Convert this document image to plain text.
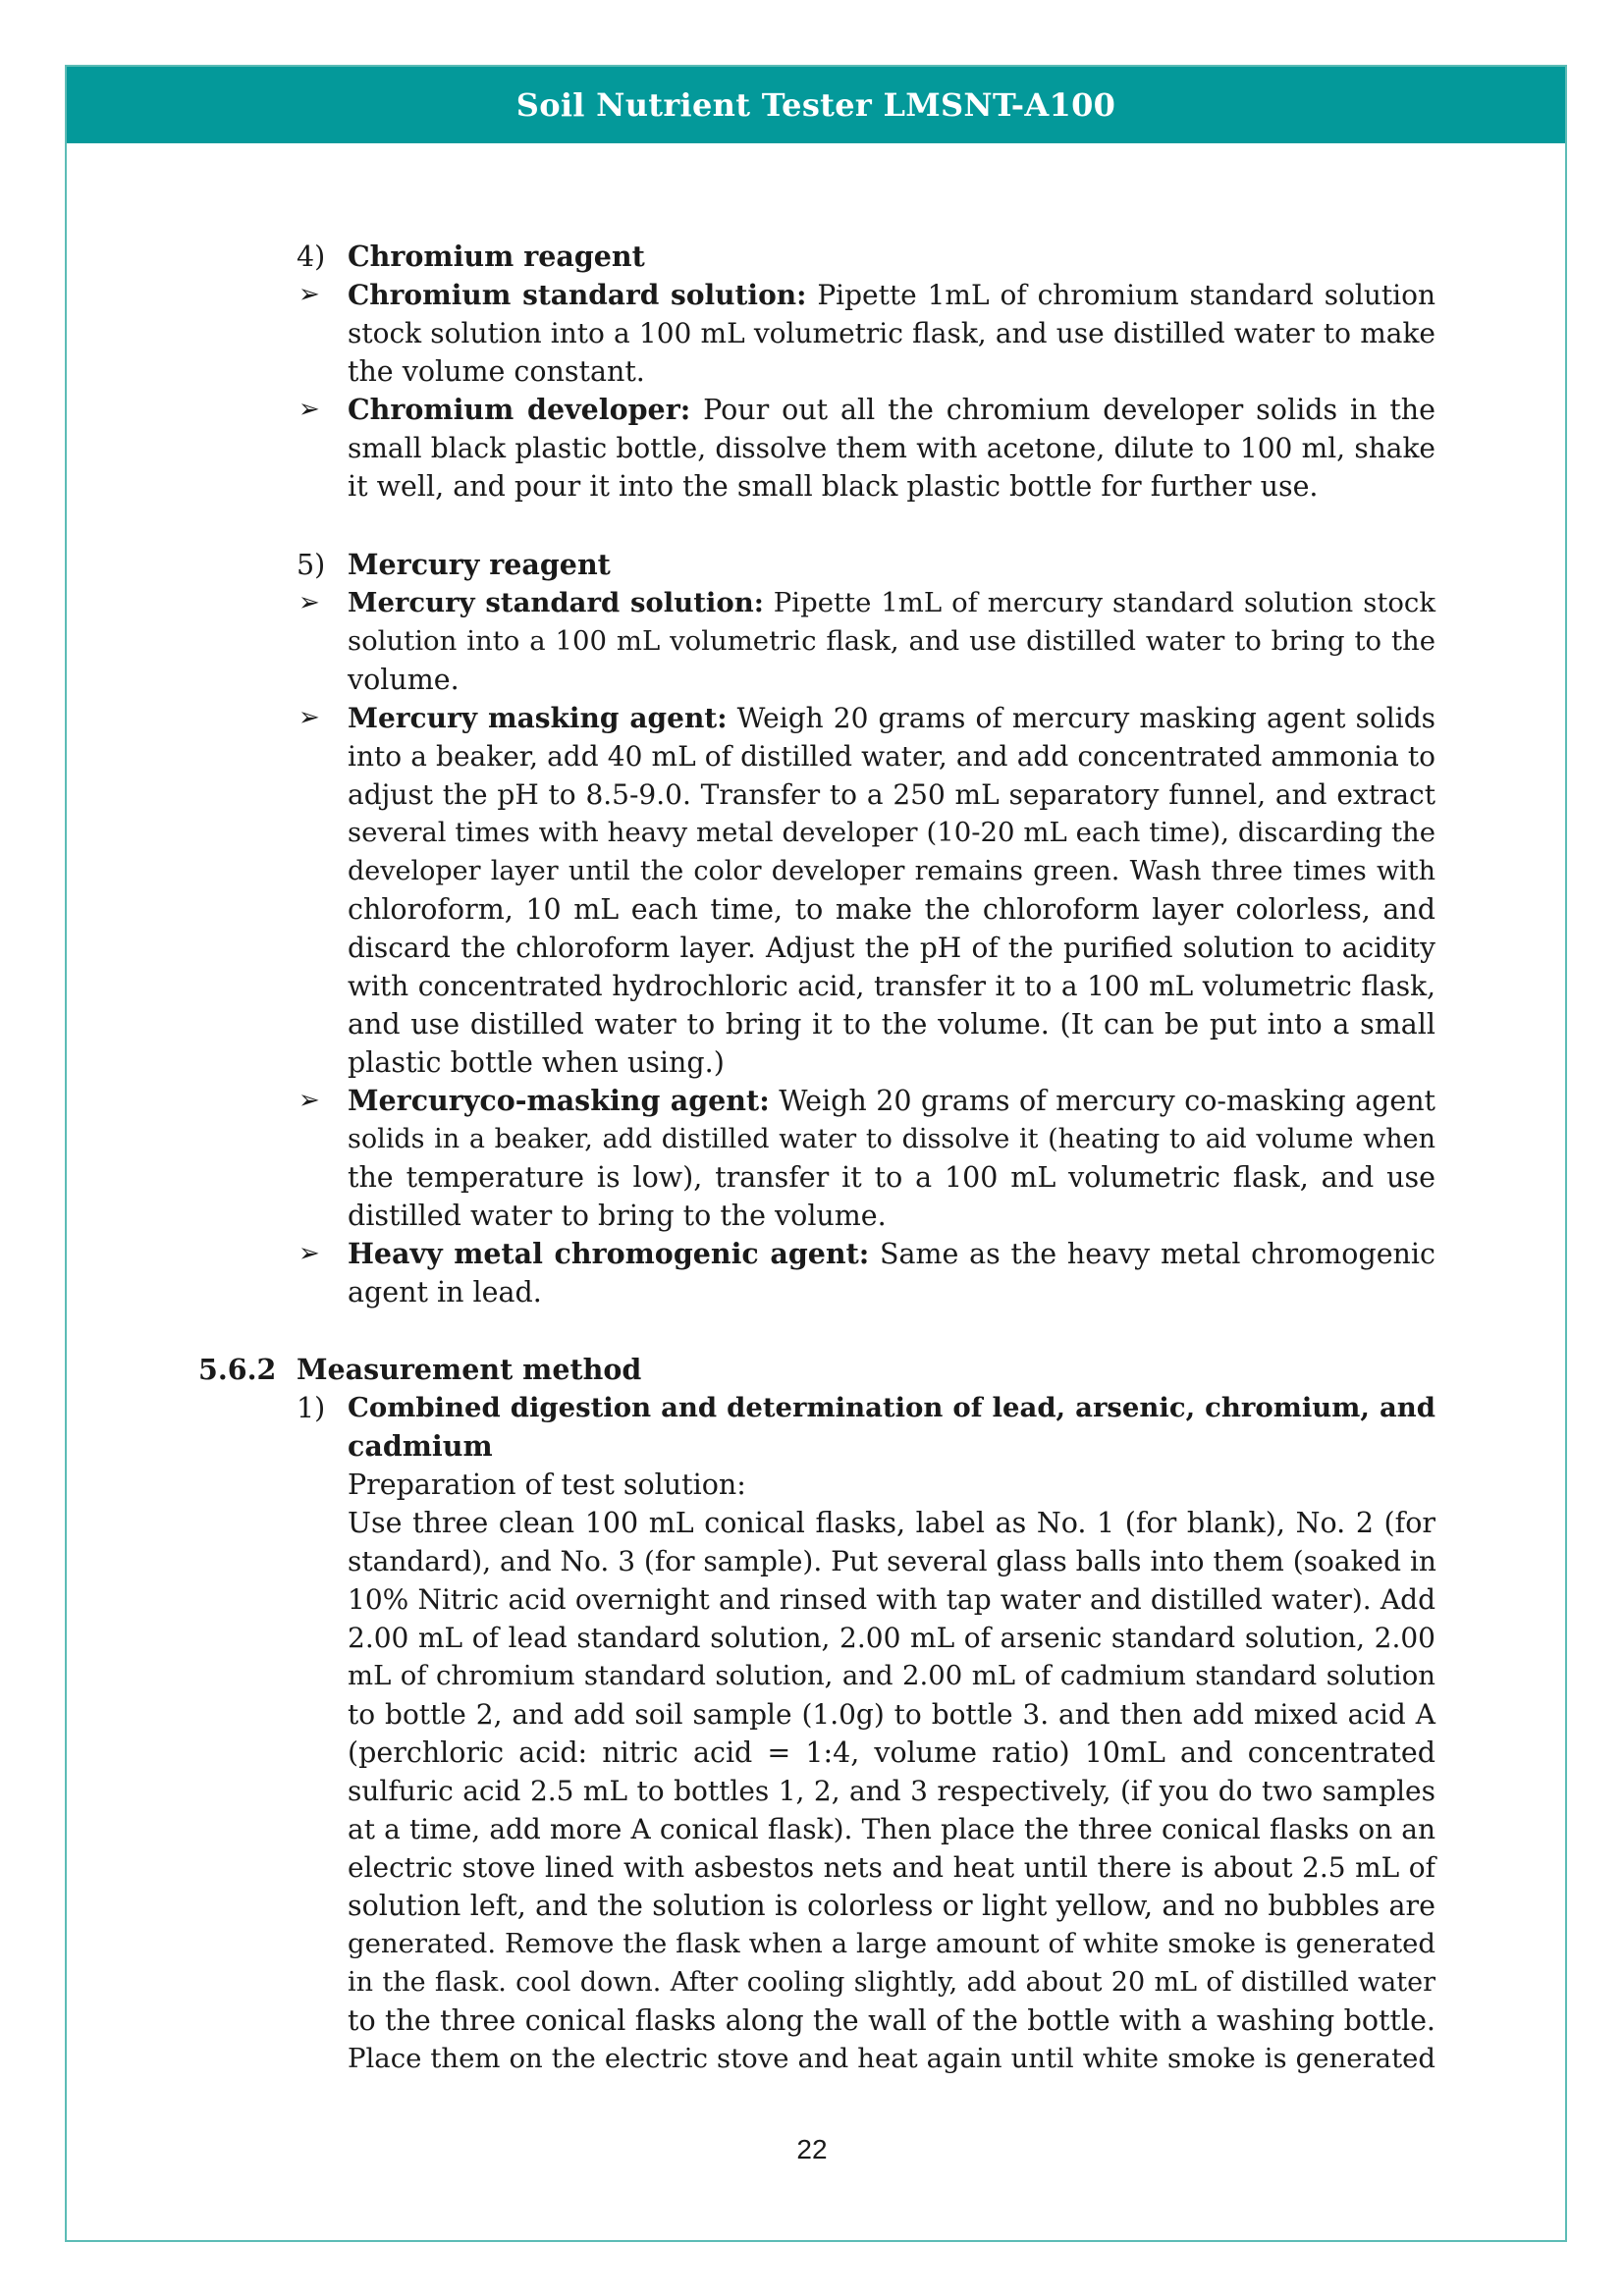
Soil Nutrient Tester LMSNT-A100
4) Chromium reagent
➢ Chromium standard solution: Pipette 1mL of chromium standard solution
stock solution into a 100 mL volumetric flask, and use distilled water to make
the volume constant.
➢ Chromium developer: Pour out all the chromium developer solids in the
small black plastic bottle, dissolve them with acetone, dilute to 100 ml, shake
it well, and pour it into the small black plastic bottle for further use.
5) Mercury reagent
➢ Mercury standard solution: Pipette 1mL of mercury standard solution stock
solution into a 100 mL volumetric flask, and use distilled water to bring to the
volume.
➢ Mercury masking agent: Weigh 20 grams of mercury masking agent solids
into a beaker, add 40 mL of distilled water, and add concentrated ammonia to
adjust the pH to 8.5-9.0. Transfer to a 250 mL separatory funnel, and extract
several times with heavy metal developer (10-20 mL each time), discarding the
developer layer until the color developer remains green. Wash three times with
chloroform, 10 mL each time, to make the chloroform layer colorless, and
discard the chloroform layer. Adjust the pH of the purified solution to acidity
with concentrated hydrochloric acid, transfer it to a 100 mL volumetric flask,
and use distilled water to bring it to the volume. (It can be put into a small
plastic bottle when using.)
➢ Mercuryco-masking agent: Weigh 20 grams of mercury co-masking agent
solids in a beaker, add distilled water to dissolve it (heating to aid volume when
the temperature is low), transfer it to a 100 mL volumetric flask, and use
distilled water to bring to the volume.
➢ Heavy metal chromogenic agent: Same as the heavy metal chromogenic
agent in lead.
5.6.2 Measurement method
1) Combined digestion and determination of lead, arsenic, chromium, and
cadmium
Preparation of test solution:
Use three clean 100 mL conical flasks, label as No. 1 (for blank), No. 2 (for
standard), and No. 3 (for sample). Put several glass balls into them (soaked in
10% Nitric acid overnight and rinsed with tap water and distilled water). Add
2.00 mL of lead standard solution, 2.00 mL of arsenic standard solution, 2.00
mL of chromium standard solution, and 2.00 mL of cadmium standard solution
to bottle 2, and add soil sample (1.0g) to bottle 3. and then add mixed acid A
(perchloric acid: nitric acid = 1:4, volume ratio) 10mL and concentrated
sulfuric acid 2.5 mL to bottles 1, 2, and 3 respectively, (if you do two samples
at a time, add more A conical flask). Then place the three conical flasks on an
electric stove lined with asbestos nets and heat until there is about 2.5 mL of
solution left, and the solution is colorless or light yellow, and no bubbles are
generated. Remove the flask when a large amount of white smoke is generated
in the flask. cool down. After cooling slightly, add about 20 mL of distilled water
to the three conical flasks along the wall of the bottle with a washing bottle.
Place them on the electric stove and heat again until white smoke is generated
22
